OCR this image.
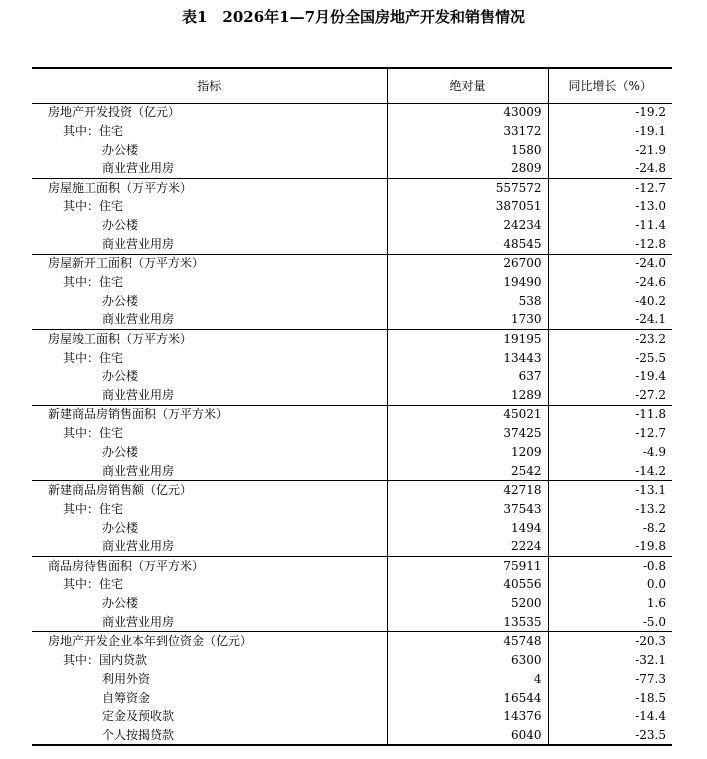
表1　2026年1—7月份全国房地产开发和销售情况
指标	绝对量	同比增长（%）
房地产开发投资（亿元）	43009	-19.2
其中：住宅	33172	-19.1
办公楼	1580	-21.9
商业营业用房	2809	-24.8
房屋施工面积（万平方米）	557572	-12.7
其中：住宅	387051	-13.0
办公楼	24234	-11.4
商业营业用房	48545	-12.8
房屋新开工面积（万平方米）	26700	-24.0
其中：住宅	19490	-24.6
办公楼	538	-40.2
商业营业用房	1730	-24.1
房屋竣工面积（万平方米）	19195	-23.2
其中：住宅	13443	-25.5
办公楼	637	-19.4
商业营业用房	1289	-27.2
新建商品房销售面积（万平方米）	45021	-11.8
其中：住宅	37425	-12.7
办公楼	1209	-4.9
商业营业用房	2542	-14.2
新建商品房销售额（亿元）	42718	-13.1
其中：住宅	37543	-13.2
办公楼	1494	-8.2
商业营业用房	2224	-19.8
商品房待售面积（万平方米）	75911	-0.8
其中：住宅	40556	0.0
办公楼	5200	1.6
商业营业用房	13535	-5.0
房地产开发企业本年到位资金（亿元）	45748	-20.3
其中：国内贷款	6300	-32.1
利用外资	4	-77.3
自筹资金	16544	-18.5
定金及预收款	14376	-14.4
个人按揭贷款	6040	-23.5
